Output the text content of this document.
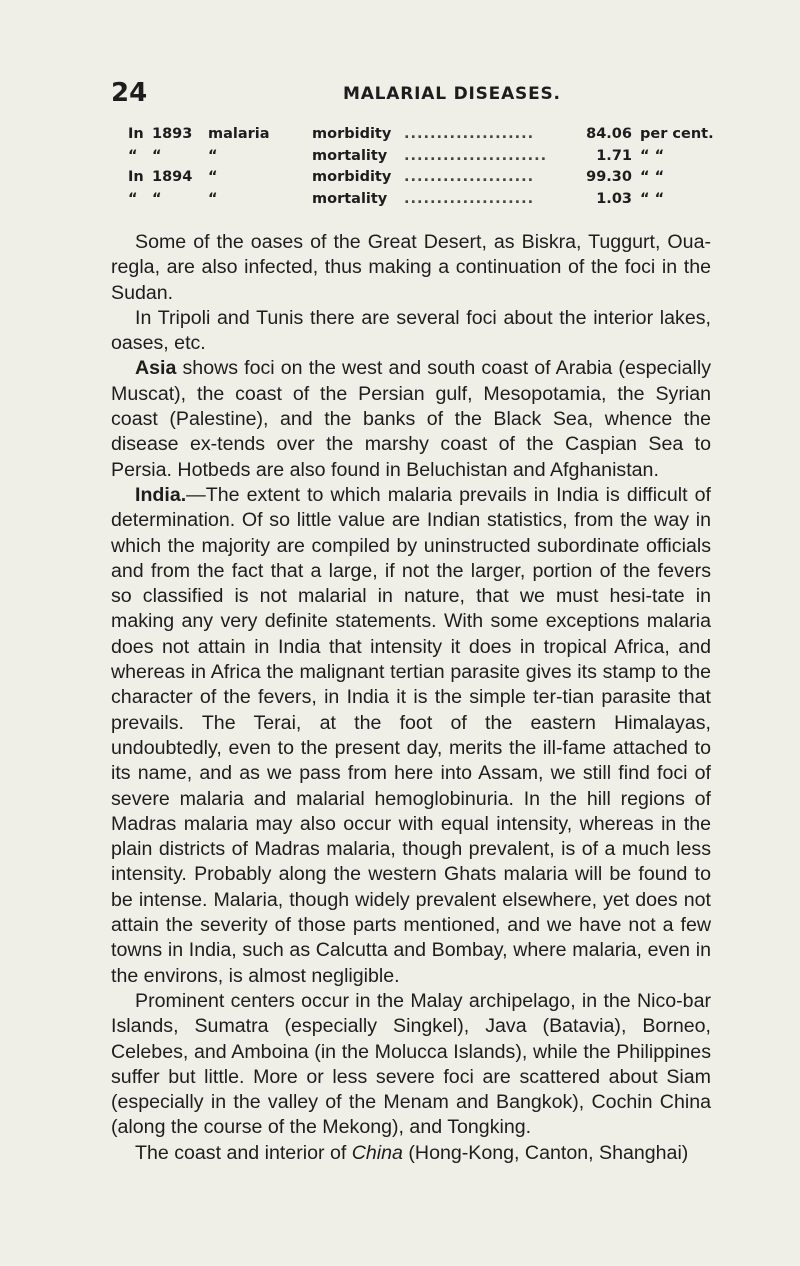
24	MALARIAL DISEASES.
In 1893 malaria	morbidity ....................	84.06 per cent.
“ “	“	mortality ......................	1.71 “ “
In 1894 “	morbidity ....................	99.30 “ “
“ “	“	mortality ....................	1.03 “ “

Some of the oases of the Great Desert, as Biskra, Tuggurt, Oua-regla, are also infected, thus making a continuation of the foci in the Sudan.

In Tripoli and Tunis there are several foci about the interior lakes, oases, etc.

Asia shows foci on the west and south coast of Arabia (especially Muscat), the coast of the Persian gulf, Mesopotamia, the Syrian coast (Palestine), and the banks of the Black Sea, whence the disease ex-tends over the marshy coast of the Caspian Sea to Persia. Hotbeds are also found in Beluchistan and Afghanistan.

India.—The extent to which malaria prevails in India is difficult of determination. Of so little value are Indian statistics, from the way in which the majority are compiled by uninstructed subordinate officials and from the fact that a large, if not the larger, portion of the fevers so classified is not malarial in nature, that we must hesi-tate in making any very definite statements. With some exceptions malaria does not attain in India that intensity it does in tropical Africa, and whereas in Africa the malignant tertian parasite gives its stamp to the character of the fevers, in India it is the simple ter-tian parasite that prevails. The Terai, at the foot of the eastern Himalayas, undoubtedly, even to the present day, merits the ill-fame attached to its name, and as we pass from here into Assam, we still find foci of severe malaria and malarial hemoglobinuria. In the hill regions of Madras malaria may also occur with equal intensity, whereas in the plain districts of Madras malaria, though prevalent, is of a much less intensity. Probably along the western Ghats malaria will be found to be intense. Malaria, though widely prevalent elsewhere, yet does not attain the severity of those parts mentioned, and we have not a few towns in India, such as Calcutta and Bombay, where malaria, even in the environs, is almost negligible.

Prominent centers occur in the Malay archipelago, in the Nico-bar Islands, Sumatra (especially Singkel), Java (Batavia), Borneo, Celebes, and Amboina (in the Molucca Islands), while the Philippines suffer but little. More or less severe foci are scattered about Siam (especially in the valley of the Menam and Bangkok), Cochin China (along the course of the Mekong), and Tongking.

The coast and interior of China (Hong-Kong, Canton, Shanghai)
